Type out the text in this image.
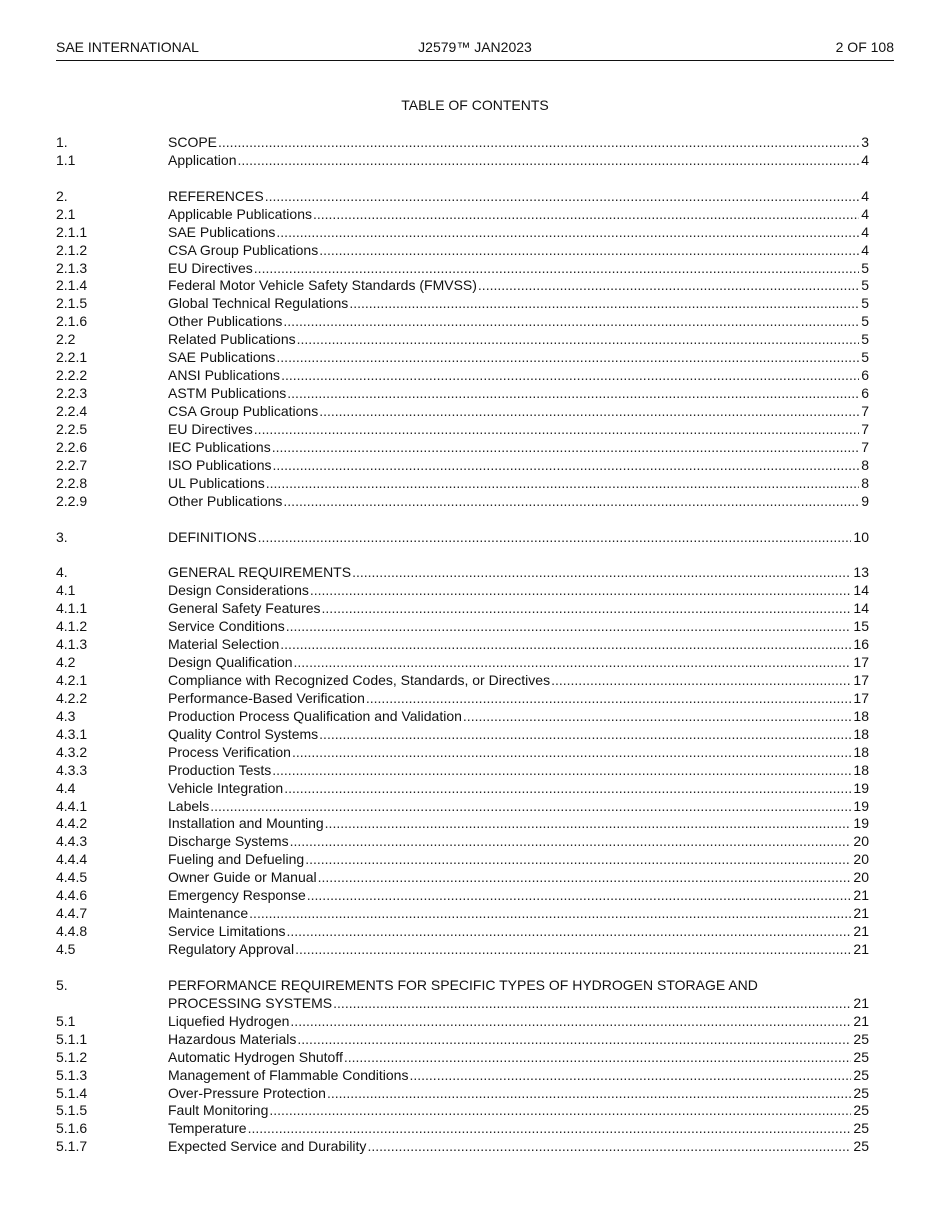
SAE INTERNATIONAL	J2579™ JAN2023	2 OF 108
TABLE OF CONTENTS
1.	SCOPE .....	3
1.1	Application .....	4
2.	REFERENCES .....	4
2.1	Applicable Publications .....	4
2.1.1	SAE Publications .....	4
2.1.2	CSA Group Publications .....	4
2.1.3	EU Directives .....	5
2.1.4	Federal Motor Vehicle Safety Standards (FMVSS) .....	5
2.1.5	Global Technical Regulations .....	5
2.1.6	Other Publications .....	5
2.2	Related Publications .....	5
2.2.1	SAE Publications .....	5
2.2.2	ANSI Publications .....	6
2.2.3	ASTM Publications .....	6
2.2.4	CSA Group Publications .....	7
2.2.5	EU Directives .....	7
2.2.6	IEC Publications .....	7
2.2.7	ISO Publications .....	8
2.2.8	UL Publications .....	8
2.2.9	Other Publications .....	9
3.	DEFINITIONS .....	10
4.	GENERAL REQUIREMENTS .....	13
4.1	Design Considerations .....	14
4.1.1	General Safety Features .....	14
4.1.2	Service Conditions .....	15
4.1.3	Material Selection .....	16
4.2	Design Qualification .....	17
4.2.1	Compliance with Recognized Codes, Standards, or Directives .....	17
4.2.2	Performance-Based Verification .....	17
4.3	Production Process Qualification and Validation .....	18
4.3.1	Quality Control Systems .....	18
4.3.2	Process Verification .....	18
4.3.3	Production Tests .....	18
4.4	Vehicle Integration .....	19
4.4.1	Labels .....	19
4.4.2	Installation and Mounting .....	19
4.4.3	Discharge Systems .....	20
4.4.4	Fueling and Defueling .....	20
4.4.5	Owner Guide or Manual .....	20
4.4.6	Emergency Response .....	21
4.4.7	Maintenance .....	21
4.4.8	Service Limitations .....	21
4.5	Regulatory Approval .....	21
5.	PERFORMANCE REQUIREMENTS FOR SPECIFIC TYPES OF HYDROGEN STORAGE AND
PROCESSING SYSTEMS .....	21
5.1	Liquefied Hydrogen .....	21
5.1.1	Hazardous Materials .....	25
5.1.2	Automatic Hydrogen Shutoff .....	25
5.1.3	Management of Flammable Conditions .....	25
5.1.4	Over-Pressure Protection .....	25
5.1.5	Fault Monitoring .....	25
5.1.6	Temperature .....	25
5.1.7	Expected Service and Durability .....	25
